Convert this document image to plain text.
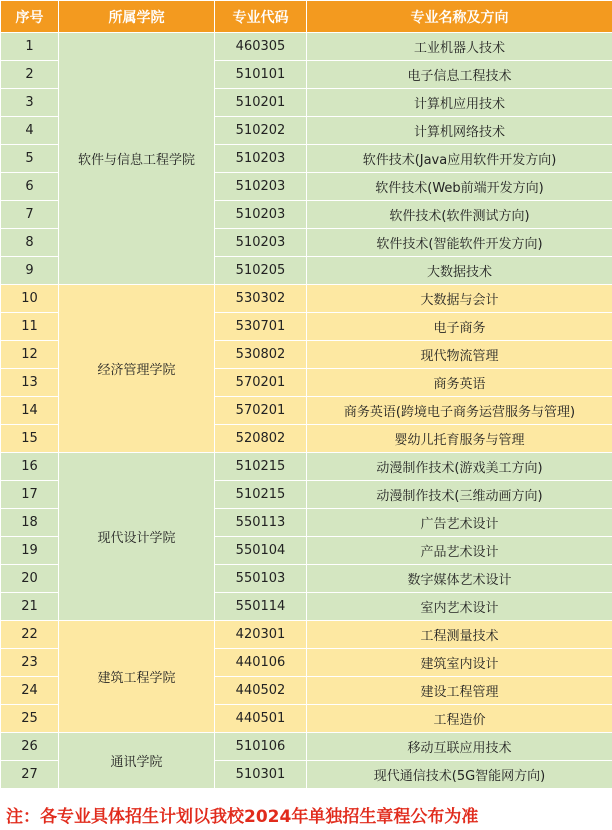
序号	所属学院	专业代码	专业名称及方向
1	软件与信息工程学院	460305	工业机器人技术
2		510101	电子信息工程技术
3		510201	计算机应用技术
4		510202	计算机网络技术
5		510203	软件技术(Java应用软件开发方向)
6		510203	软件技术(Web前端开发方向)
7		510203	软件技术(软件测试方向)
8		510203	软件技术(智能软件开发方向)
9		510205	大数据技术
10	经济管理学院	530302	大数据与会计
11		530701	电子商务
12		530802	现代物流管理
13		570201	商务英语
14		570201	商务英语(跨境电子商务运营服务与管理)
15		520802	婴幼儿托育服务与管理
16	现代设计学院	510215	动漫制作技术(游戏美工方向)
17		510215	动漫制作技术(三维动画方向)
18		550113	广告艺术设计
19		550104	产品艺术设计
20		550103	数字媒体艺术设计
21		550114	室内艺术设计
22	建筑工程学院	420301	工程测量技术
23		440106	建筑室内设计
24		440502	建设工程管理
25		440501	工程造价
26	通讯学院	510106	移动互联应用技术
27		510301	现代通信技术(5G智能网方向)
注：各专业具体招生计划以我校2024年单独招生章程公布为准
